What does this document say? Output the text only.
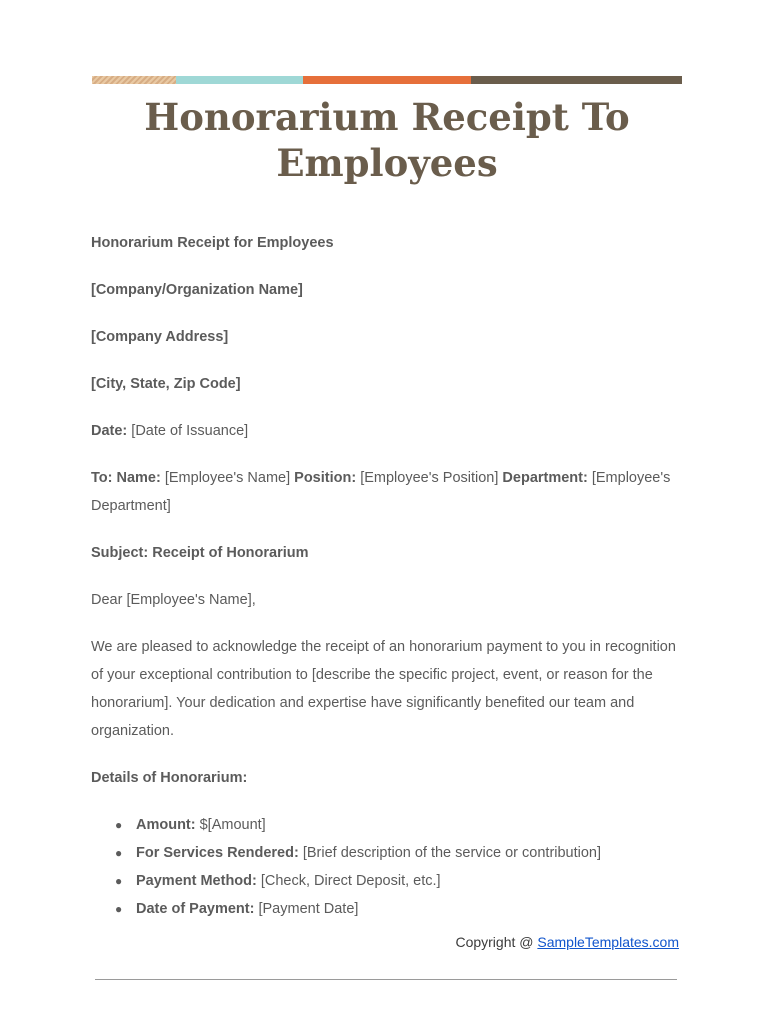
Honorarium Receipt To Employees

Honorarium Receipt for Employees

[Company/Organization Name]

[Company Address]

[City, State, Zip Code]

Date: [Date of Issuance]

To: Name: [Employee's Name] Position: [Employee's Position] Department: [Employee's Department]

Subject: Receipt of Honorarium

Dear [Employee's Name],

We are pleased to acknowledge the receipt of an honorarium payment to you in recognition of your exceptional contribution to [describe the specific project, event, or reason for the honorarium]. Your dedication and expertise have significantly benefited our team and organization.

Details of Honorarium:

● Amount: $[Amount]
● For Services Rendered: [Brief description of the service or contribution]
● Payment Method: [Check, Direct Deposit, etc.]
● Date of Payment: [Payment Date]
Copyright @ SampleTemplates.com
